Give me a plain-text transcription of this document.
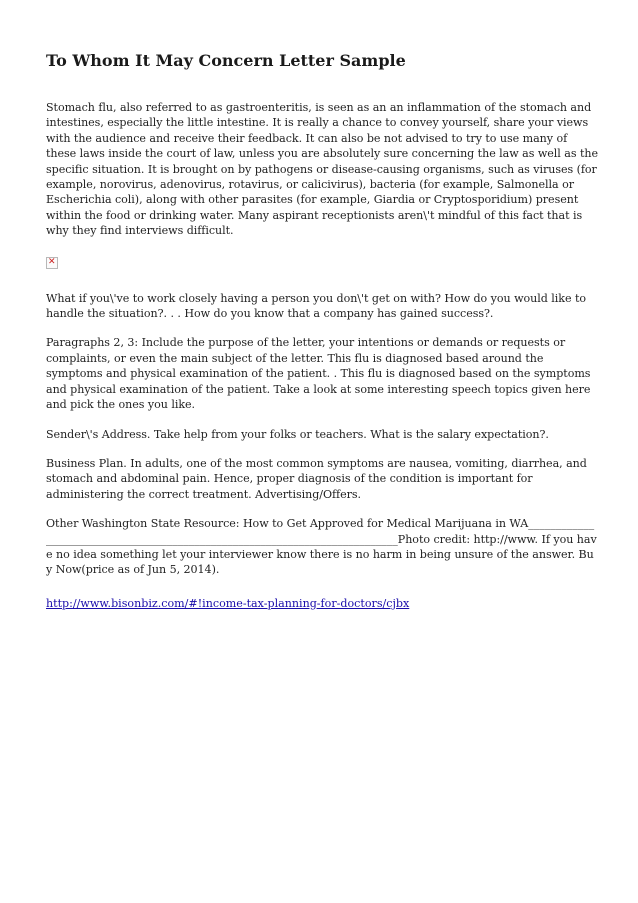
To Whom It May Concern Letter Sample

Stomach flu, also referred to as gastroenteritis, is seen as an an inflammation of the stomach and intestines, especially the little intestine. It is really a chance to convey yourself, share your views with the audience and receive their feedback. It can also be not advised to try to use many of these laws inside the court of law, unless you are absolutely sure concerning the law as well as the specific situation. It is brought on by pathogens or disease-causing organisms, such as viruses (for example, norovirus, adenovirus, rotavirus, or calicivirus), bacteria (for example, Salmonella or Escherichia coli), along with other parasites (for example, Giardia or Cryptosporidium) present within the food or drinking water. Many aspirant receptionists aren\'t mindful of this fact that is why they find interviews difficult.

✕

What if you\'ve to work closely having a person you don\'t get on with? How do you would like to handle the situation?. . . How do you know that a company has gained success?.

Paragraphs 2, 3: Include the purpose of the letter, your intentions or demands or requests or complaints, or even the main subject of the letter. This flu is diagnosed based around the symptoms and physical examination of the patient. . This flu is diagnosed based on the symptoms and physical examination of the patient. Take a look at some interesting speech topics given here and pick the ones you like.

Sender\'s Address. Take help from your folks or teachers. What is the salary expectation?.

Business Plan. In adults, one of the most common symptoms are nausea, vomiting, diarrhea, and stomach and abdominal pain. Hence, proper diagnosis of the condition is important for administering the correct treatment. Advertising/Offers.

Other Washington State Resource: How to Get Approved for Medical Marijuana in WA____________________________________________________________________________Photo credit: http://www. If you have no idea something let your interviewer know there is no harm in being unsure of the answer. Buy Now(price as of Jun 5, 2014).

http://www.bisonbiz.com/#!income-tax-planning-for-doctors/cjbx
